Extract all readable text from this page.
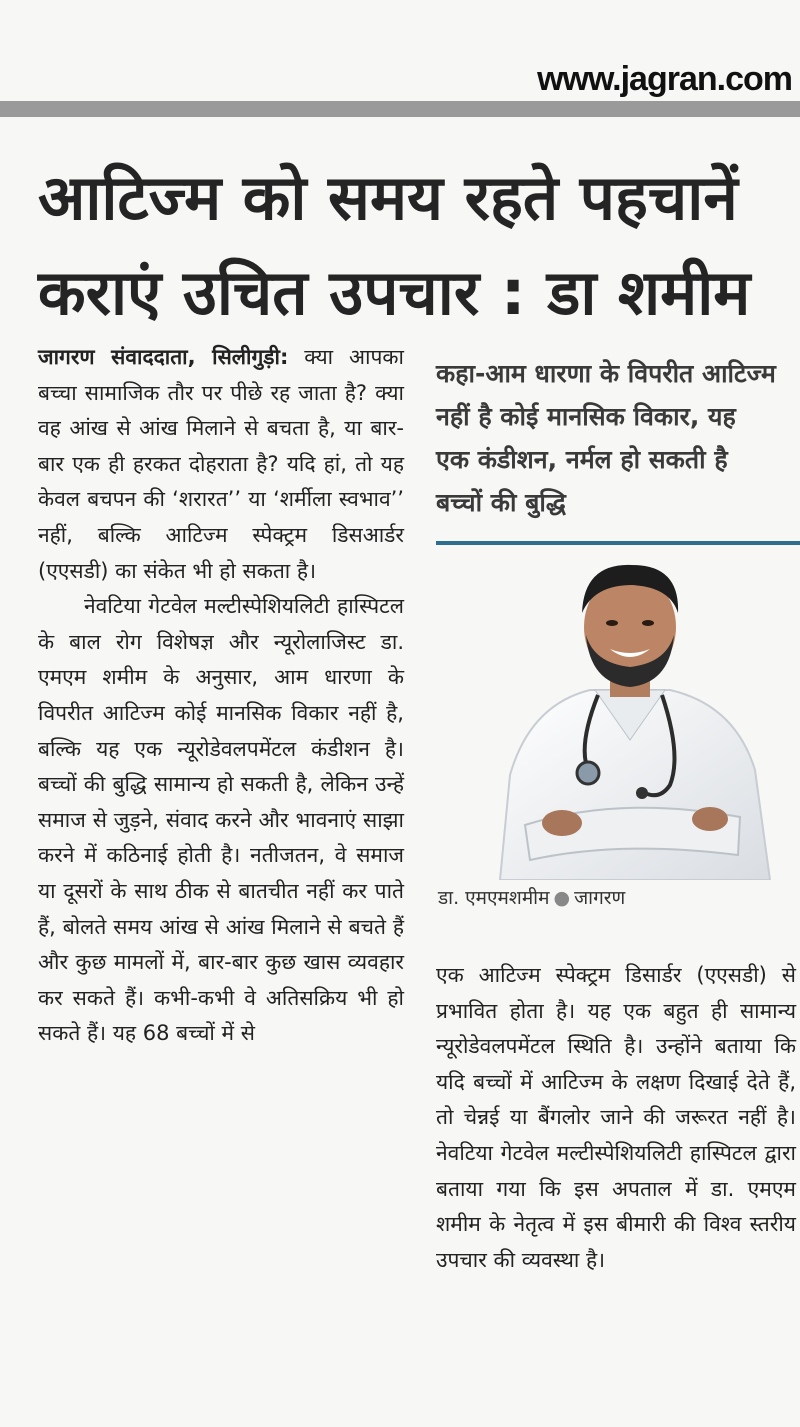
www.jagran.com
आटिज्म को समय रहते पहचानें
कराएं उचित उपचार : डा शमीम

जागरण संवाददाता, सिलीगुड़ी: क्या आपका बच्चा सामाजिक तौर पर पीछे रह जाता है? क्या वह आंख से आंख मिलाने से बचता है, या बार-बार एक ही हरकत दोहराता है? यदि हां, तो यह केवल बचपन की ‘शरारत’’ या ‘शर्मीला स्वभाव’’ नहीं, बल्कि आटिज्म स्पेक्ट्रम डिसआर्डर (एएसडी) का संकेत भी हो सकता है।

नेवटिया गेटवेल मल्टीस्पेशियलिटी हास्पिटल के बाल रोग विशेषज्ञ और न्यूरोलाजिस्ट डा. एमएम शमीम के अनुसार, आम धारणा के विपरीत आटिज्म कोई मानसिक विकार नहीं है, बल्कि यह एक न्यूरोडेवलपमेंटल कंडीशन है। बच्चों की बुद्धि सामान्य हो सकती है, लेकिन उन्हें समाज से जुड़ने, संवाद करने और भावनाएं साझा करने में कठिनाई होती है। नतीजतन, वे समाज या दूसरों के साथ ठीक से बातचीत नहीं कर पाते हैं, बोलते समय आंख से आंख मिलाने से बचते हैं और कुछ मामलों में, बार-बार कुछ खास व्यवहार कर सकते हैं। कभी-कभी वे अतिसक्रिय भी हो सकते हैं। यह 68 बच्चों में से

कहा-आम धारणा के विपरीत आटिज्म नहीं है कोई मानसिक विकार, यह एक कंडीशन, नर्मल हो सकती है बच्चों की बुद्धि
डा. एमएमशमीम ● जागरण

एक आटिज्म स्पेक्ट्रम डिसार्डर (एएसडी) से प्रभावित होता है। यह एक बहुत ही सामान्य न्यूरोडेवलपमेंटल स्थिति है। उन्होंने बताया कि यदि बच्चों में आटिज्म के लक्षण दिखाई देते हैं, तो चेन्नई या बैंगलोर जाने की जरूरत नहीं है। नेवटिया गेटवेल मल्टीस्पेशियलिटी हास्पिटल द्वारा बताया गया कि इस अपताल में डा. एमएम शमीम के नेतृत्व में इस बीमारी की विश्व स्तरीय उपचार की व्यवस्था है।
